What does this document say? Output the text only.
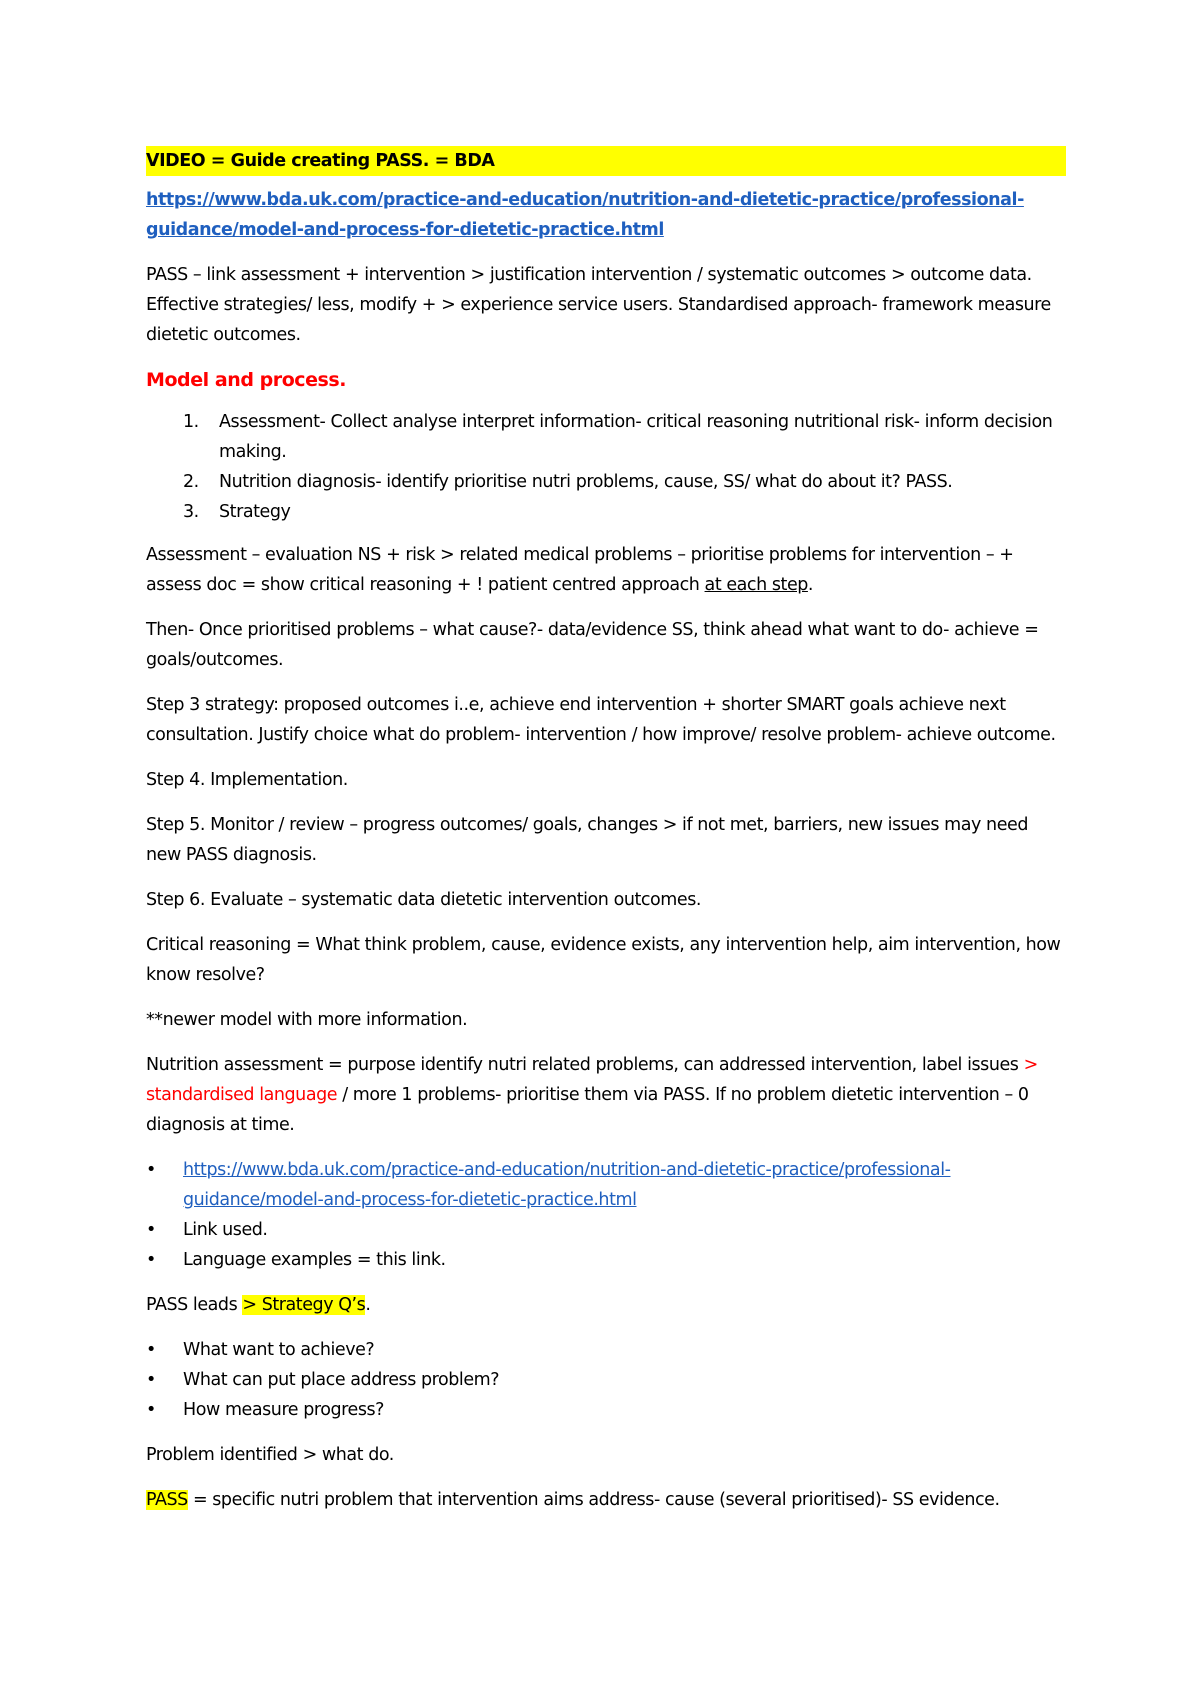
VIDEO = Guide creating PASS. = BDA

https://www.bda.uk.com/practice-and-education/nutrition-and-dietetic-practice/professional-guidance/model-and-process-for-dietetic-practice.html

PASS – link assessment + intervention > justification intervention / systematic outcomes > outcome data. Effective strategies/ less, modify + > experience service users. Standardised approach- framework measure dietetic outcomes.

Model and process.

1. Assessment- Collect analyse interpret information- critical reasoning nutritional risk- inform decision making.
2. Nutrition diagnosis- identify prioritise nutri problems, cause, SS/ what do about it? PASS.
3. Strategy

Assessment – evaluation NS + risk > related medical problems – prioritise problems for intervention – + assess doc = show critical reasoning + ! patient centred approach at each step.

Then- Once prioritised problems – what cause?- data/evidence SS, think ahead what want to do- achieve = goals/outcomes.

Step 3 strategy: proposed outcomes i..e, achieve end intervention + shorter SMART goals achieve next consultation. Justify choice what do problem- intervention / how improve/ resolve problem- achieve outcome.

Step 4. Implementation.

Step 5. Monitor / review – progress outcomes/ goals, changes > if not met, barriers, new issues may need new PASS diagnosis.

Step 6. Evaluate – systematic data dietetic intervention outcomes.

Critical reasoning = What think problem, cause, evidence exists, any intervention help, aim intervention, how know resolve?

**newer model with more information.

Nutrition assessment = purpose identify nutri related problems, can addressed intervention, label issues > standardised language / more 1 problems- prioritise them via PASS. If no problem dietetic intervention – 0 diagnosis at time.

• https://www.bda.uk.com/practice-and-education/nutrition-and-dietetic-practice/professional-guidance/model-and-process-for-dietetic-practice.html
• Link used.
• Language examples = this link.

PASS leads > Strategy Q’s.

• What want to achieve?
• What can put place address problem?
• How measure progress?

Problem identified > what do.

PASS = specific nutri problem that intervention aims address- cause (several prioritised)- SS evidence.
